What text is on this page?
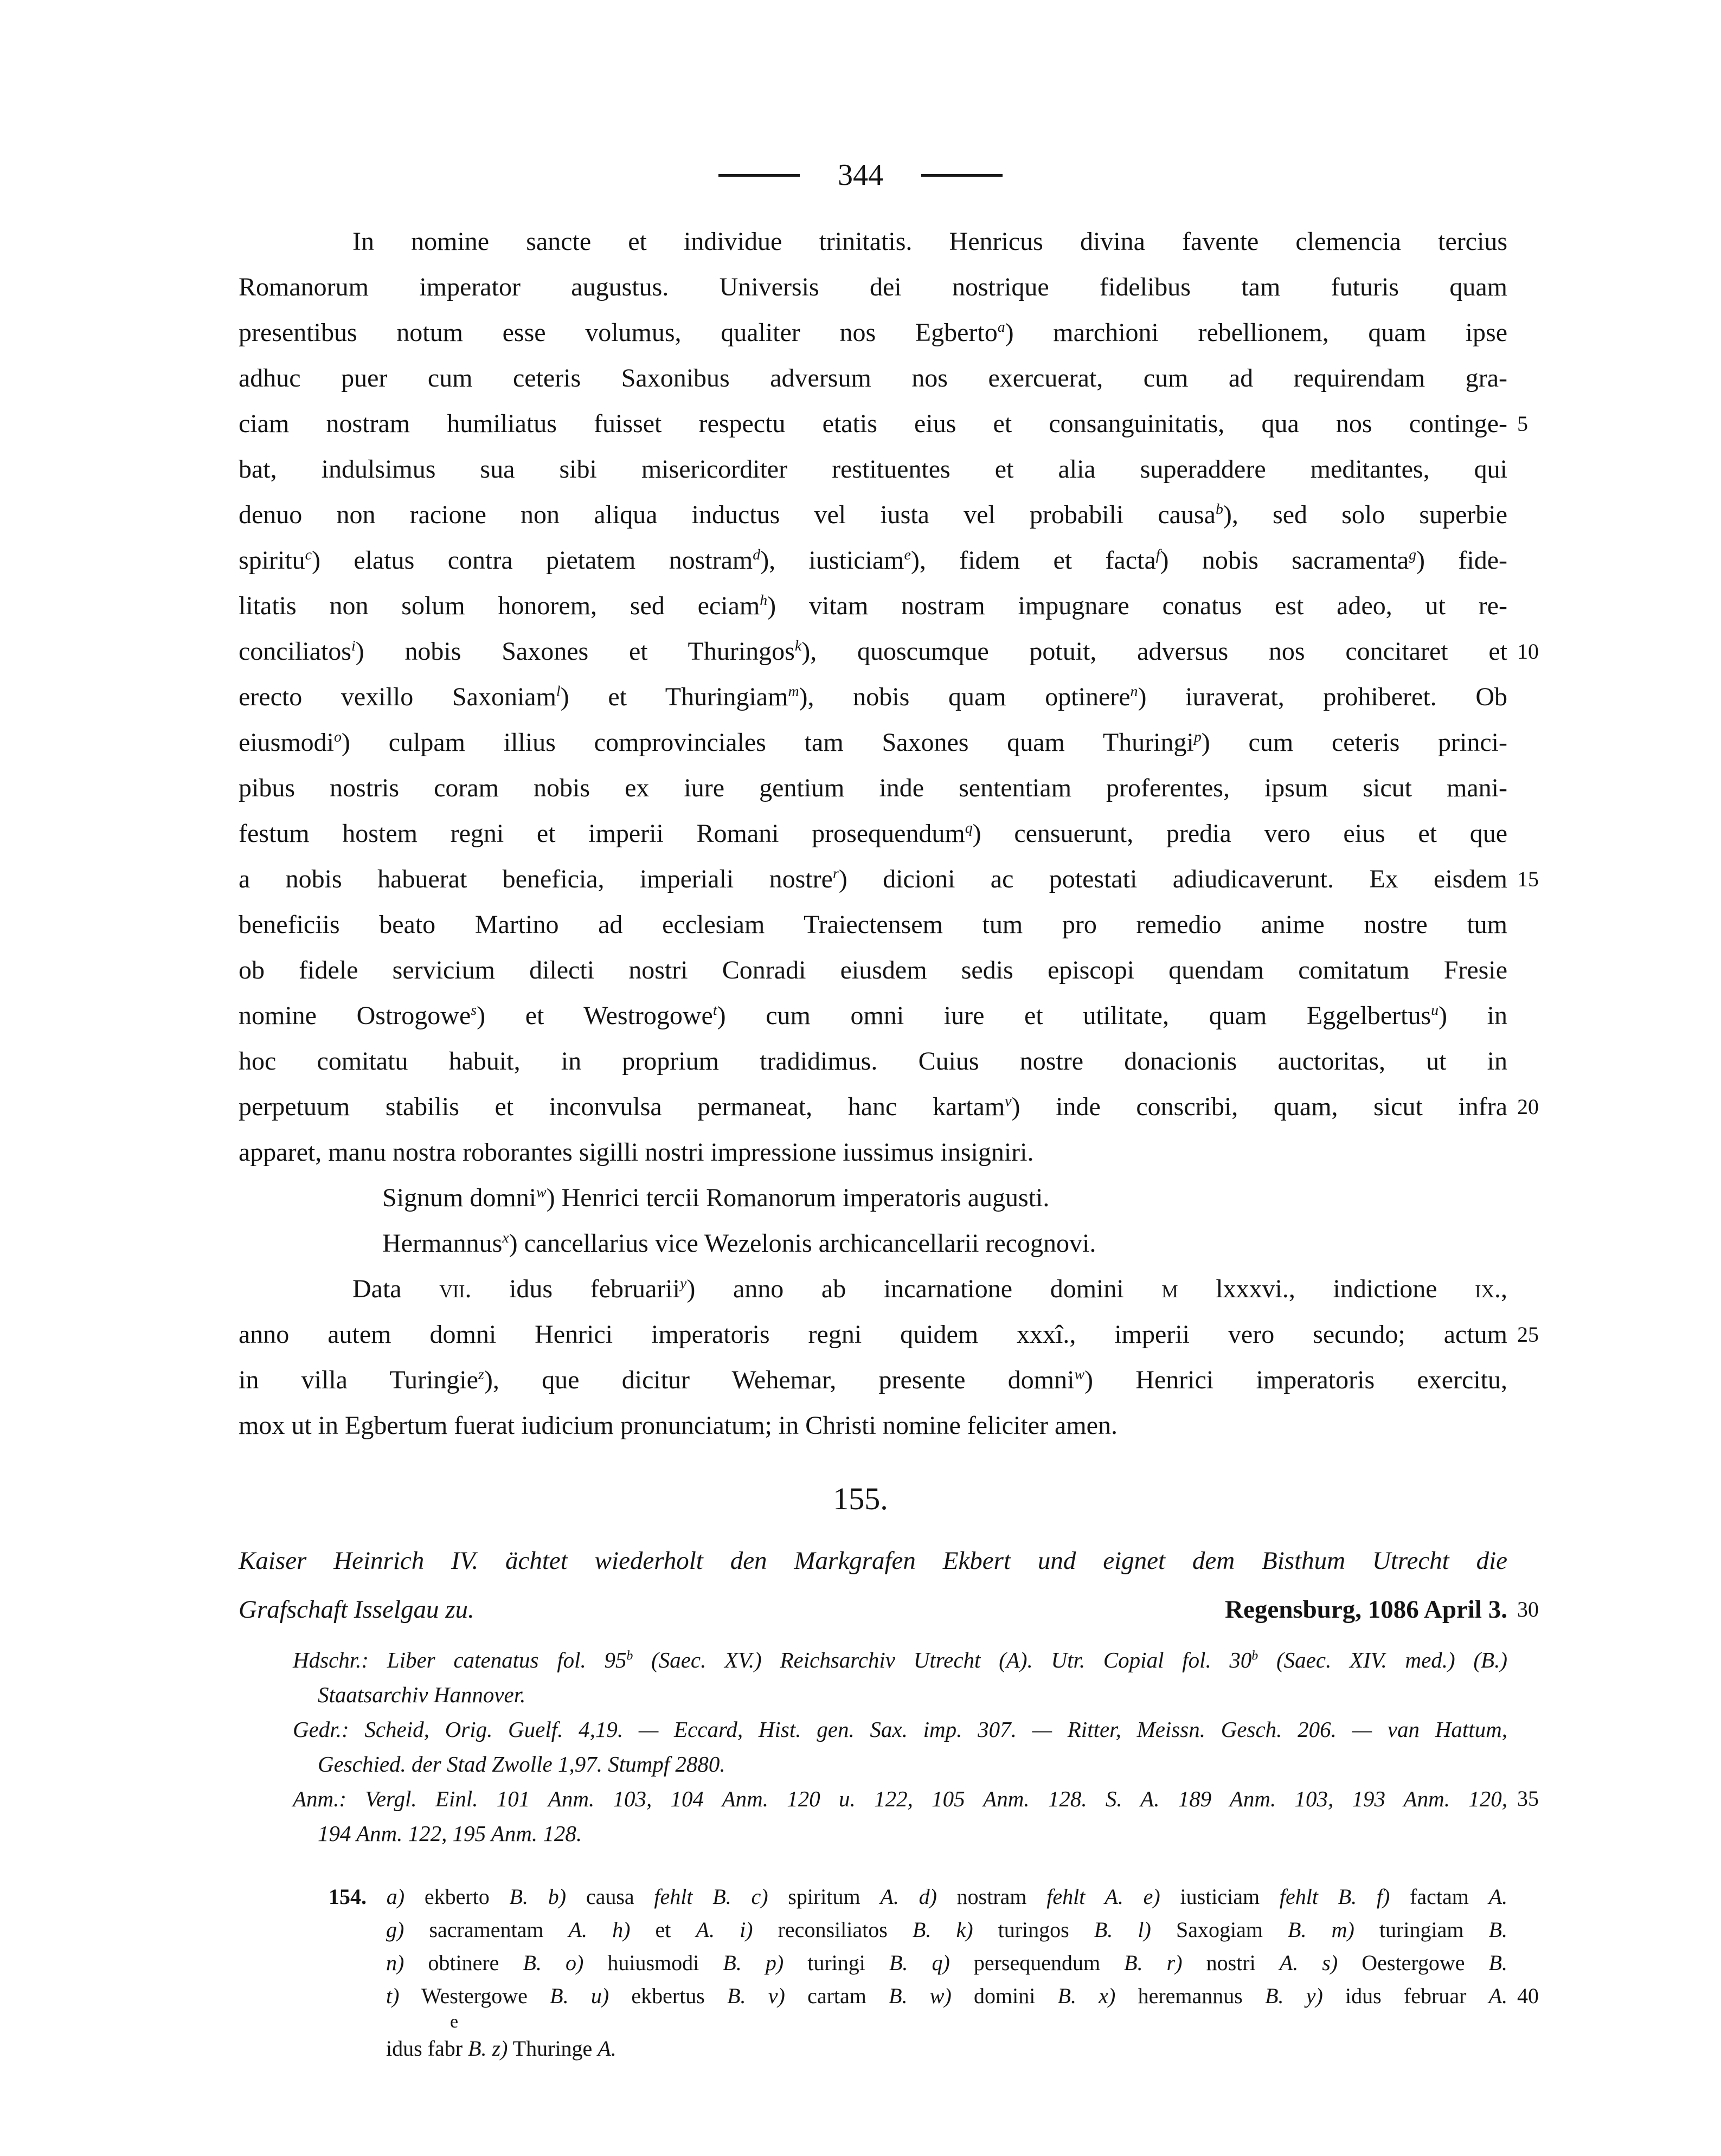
344
In nomine sancte et individue trinitatis. Henricus divina favente clemencia tercius
Romanorum imperator augustus. Universis dei nostrique fidelibus tam futuris quam
presentibus notum esse volumus, qualiter nos Egberto$^a$) marchioni rebellionem, quam ipse
adhuc puer cum ceteris Saxonibus adversum nos exercuerat, cum ad requirendam gra-
ciam nostram humiliatus fuisset respectu etatis eius et consanguinitatis, qua nos continge- 5
bat, indulsimus sua sibi misericorditer restituentes et alia superaddere meditantes, qui
denuo non racione non aliqua inductus vel iusta vel probabili causa$^b$), sed solo superbie
spiritu$^c$) elatus contra pietatem nostram$^d$), iusticiam$^e$), fidem et facta$^f$) nobis sacramenta$^g$) fide-
litatis non solum honorem, sed eciam$^h$) vitam nostram impugnare conatus est adeo, ut re-
conciliatos$^i$) nobis Saxones et Thuringos$^k$), quoscumque potuit, adversus nos concitaret et 10
erecto vexillo Saxoniam$^l$) et Thuringiam$^m$), nobis quam optinere$^n$) iuraverat, prohiberet. Ob
eiusmodi$^o$) culpam illius comprovinciales tam Saxones quam Thuringi$^p$) cum ceteris princi-
pibus nostris coram nobis ex iure gentium inde sententiam proferentes, ipsum sicut mani-
festum hostem regni et imperii Romani prosequendum$^q$) censuerunt, predia vero eius et que
a nobis habuerat beneficia, imperiali nostre$^r$) dicioni ac potestati adiudicaverunt. Ex eisdem 15
beneficiis beato Martino ad ecclesiam Traiectensem tum pro remedio anime nostre tum
ob fidele servicium dilecti nostri Conradi eiusdem sedis episcopi quendam comitatum Fresie
nomine Ostrogowe$^s$) et Westrogowe$^t$) cum omni iure et utilitate, quam Eggelbertus$^u$) in
hoc comitatu habuit, in proprium tradidimus. Cuius nostre donacionis auctoritas, ut in
perpetuum stabilis et inconvulsa permaneat, hanc kartam$^v$) inde conscribi, quam, sicut infra 20
apparet, manu nostra roborantes sigilli nostri impressione iussimus insigniri.
Signum domni$^w$) Henrici tercii Romanorum imperatoris augusti.
Hermannus$^x$) cancellarius vice Wezelonis archicancellarii recognovi.
Data vii. idus februarii$^y$) anno ab incarnatione domini m lxxxvi., indictione ix.,
anno autem domni Henrici imperatoris regni quidem xxxî., imperii vero secundo; actum 25
in villa Turingie$^z$), que dicitur Wehemar, presente domni$^w$) Henrici imperatoris exercitu,
mox ut in Egbertum fuerat iudicium pronunciatum; in Christi nomine feliciter amen.
155.
Kaiser Heinrich IV. ächtet wiederholt den Markgrafen Ekbert und eignet dem Bisthum Utrecht die
Grafschaft Isselgau zu.	Regensburg, 1086 April 3. 30
Hdschr.: Liber catenatus fol. 95$^b$ (Saec. XV.) Reichsarchiv Utrecht (A). Utr. Copial fol. 30$^b$ (Saec. XIV. med.) (B.)
Staatsarchiv Hannover.
Gedr.: Scheid, Orig. Guelf. 4,19. — Eccard, Hist. gen. Sax. imp. 307. — Ritter, Meissn. Gesch. 206. — van Hattum,
Geschied. der Stad Zwolle 1,97. Stumpf 2880.
Anm.: Vergl. Einl. 101 Anm. 103, 104 Anm. 120 u. 122, 105 Anm. 128. S. A. 189 Anm. 103, 193 Anm. 120, 35
194 Anm. 122, 195 Anm. 128.
154. a) ekberto B. b) causa fehlt B. c) spiritum A. d) nostram fehlt A. e) iusticiam fehlt B. f) factam A.
g) sacramentam A. h) et A. i) reconsiliatos B. k) turingos B. l) Saxogiam B. m) turingiam B.
n) obtinere B. o) huiusmodi B. p) turingi B. q) persequendum B. r) nostri A. s) Oestergowe B.
t) Westergowe B. u) ekbertus B. v) cartam B. w) domini B. x) heremannus B. y) idus februar A. 40
e
idus fabr B. z) Thuringe A.
